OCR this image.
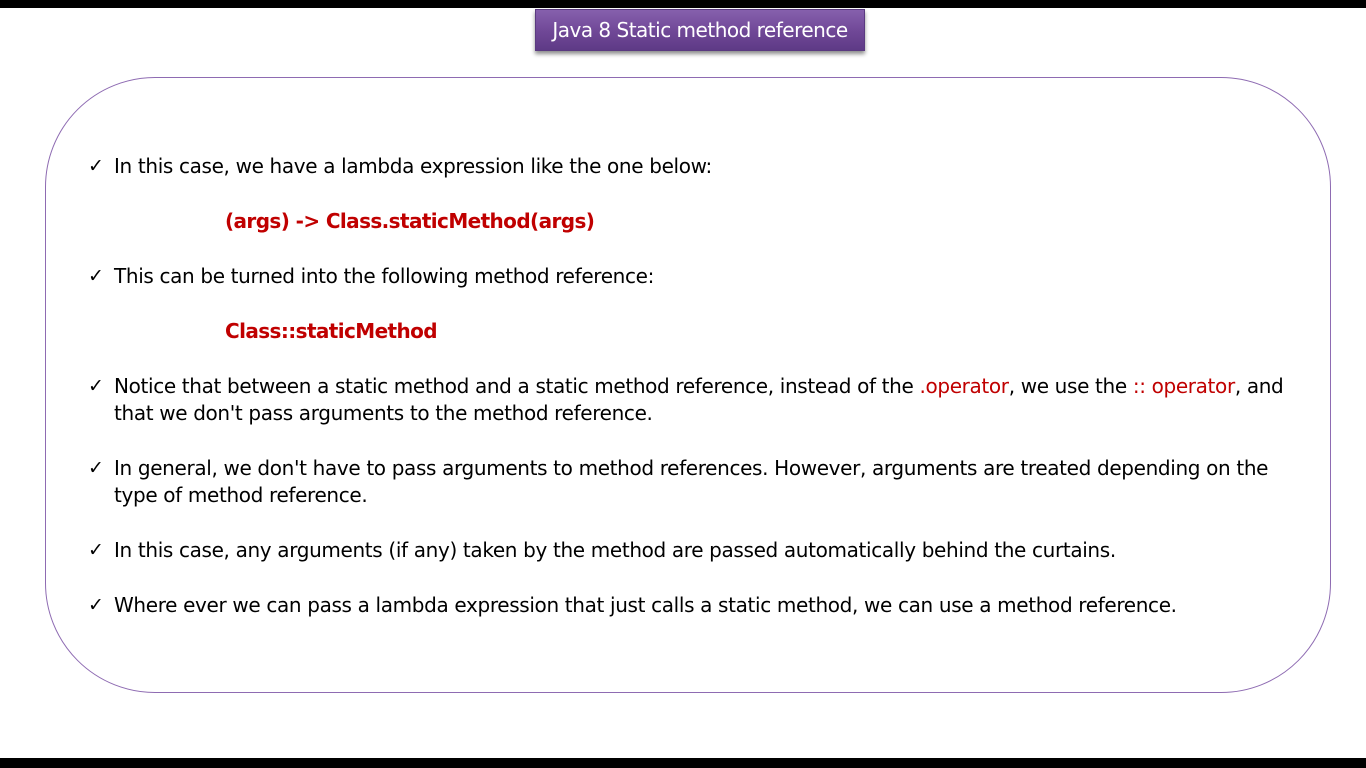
Java 8 Static method reference
✓ In this case, we have a lambda expression like the one below:
(args) -> Class.staticMethod(args)
✓ This can be turned into the following method reference:
Class::staticMethod
✓ Notice that between a static method and a static method reference, instead of the .operator, we use the :: operator, and that we don't pass arguments to the method reference.
✓ In general, we don't have to pass arguments to method references. However, arguments are treated depending on the type of method reference.
✓ In this case, any arguments (if any) taken by the method are passed automatically behind the curtains.
✓ Where ever we can pass a lambda expression that just calls a static method, we can use a method reference.
